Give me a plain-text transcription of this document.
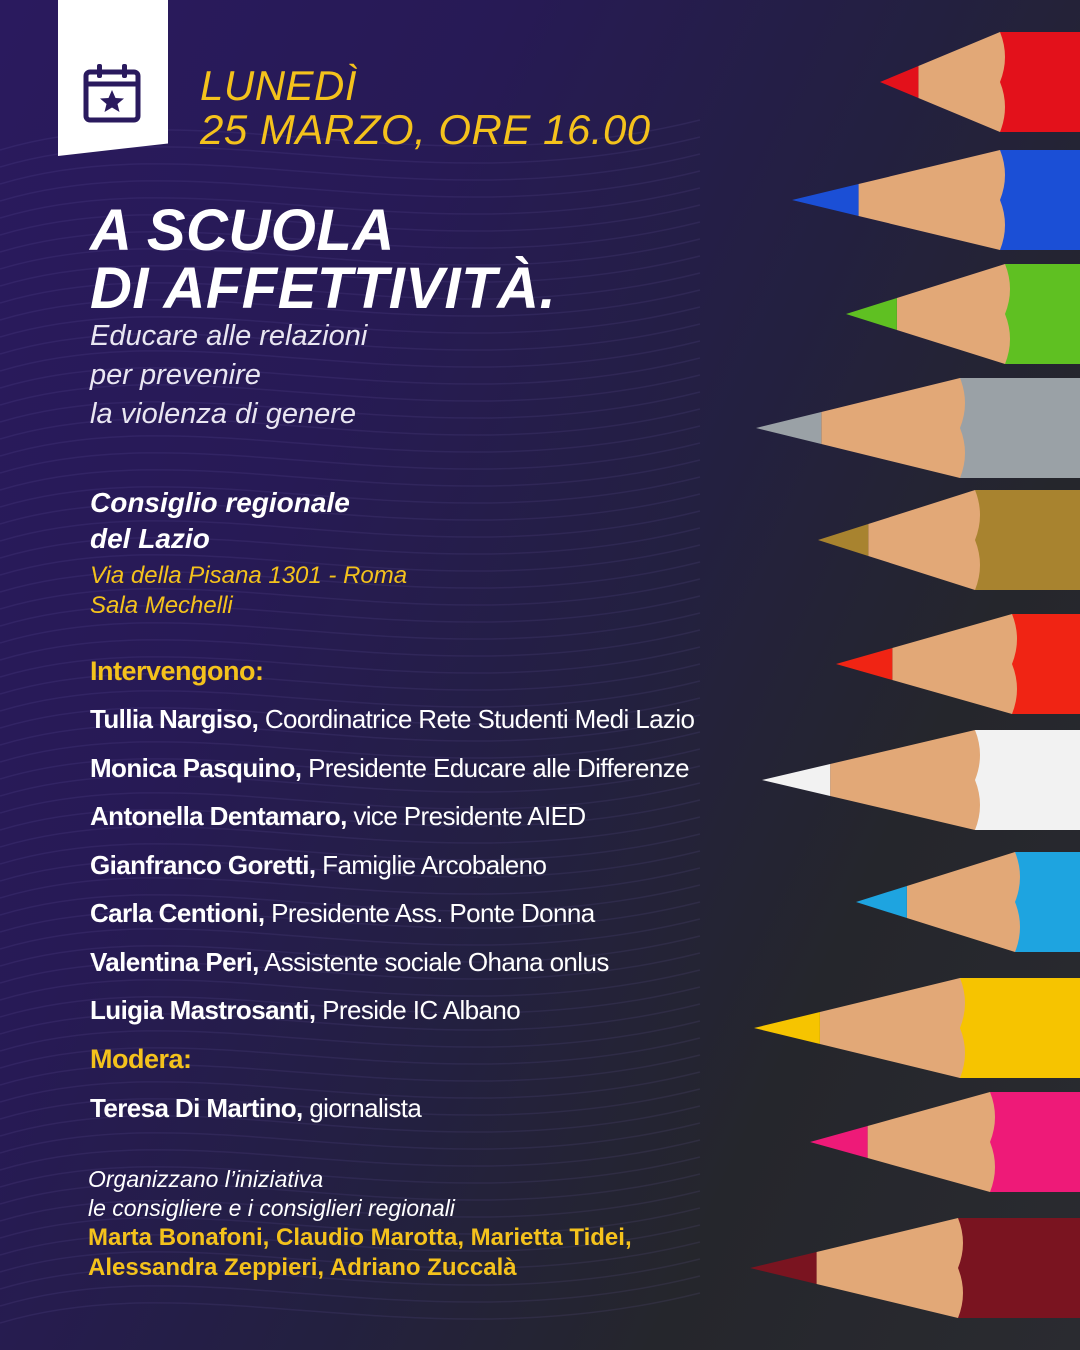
LUNEDÌ
25 MARZO, ORE 16.00
A SCUOLA
DI AFFETTIVITÀ.
Educare alle relazioni
per prevenire
la violenza di genere
Consiglio regionale
del Lazio
Via della Pisana 1301 - Roma
Sala Mechelli
Intervengono:
Tullia Nargiso, Coordinatrice Rete Studenti Medi Lazio
Monica Pasquino, Presidente Educare alle Differenze
Antonella Dentamaro, vice Presidente AIED
Gianfranco Goretti, Famiglie Arcobaleno
Carla Centioni, Presidente Ass. Ponte Donna
Valentina Peri, Assistente sociale Ohana onlus
Luigia Mastrosanti, Preside IC Albano
Modera:
Teresa Di Martino, giornalista
Organizzano l’iniziativa
le consigliere e i consiglieri regionali
Marta Bonafoni, Claudio Marotta, Marietta Tidei,
Alessandra Zeppieri, Adriano Zuccalà
